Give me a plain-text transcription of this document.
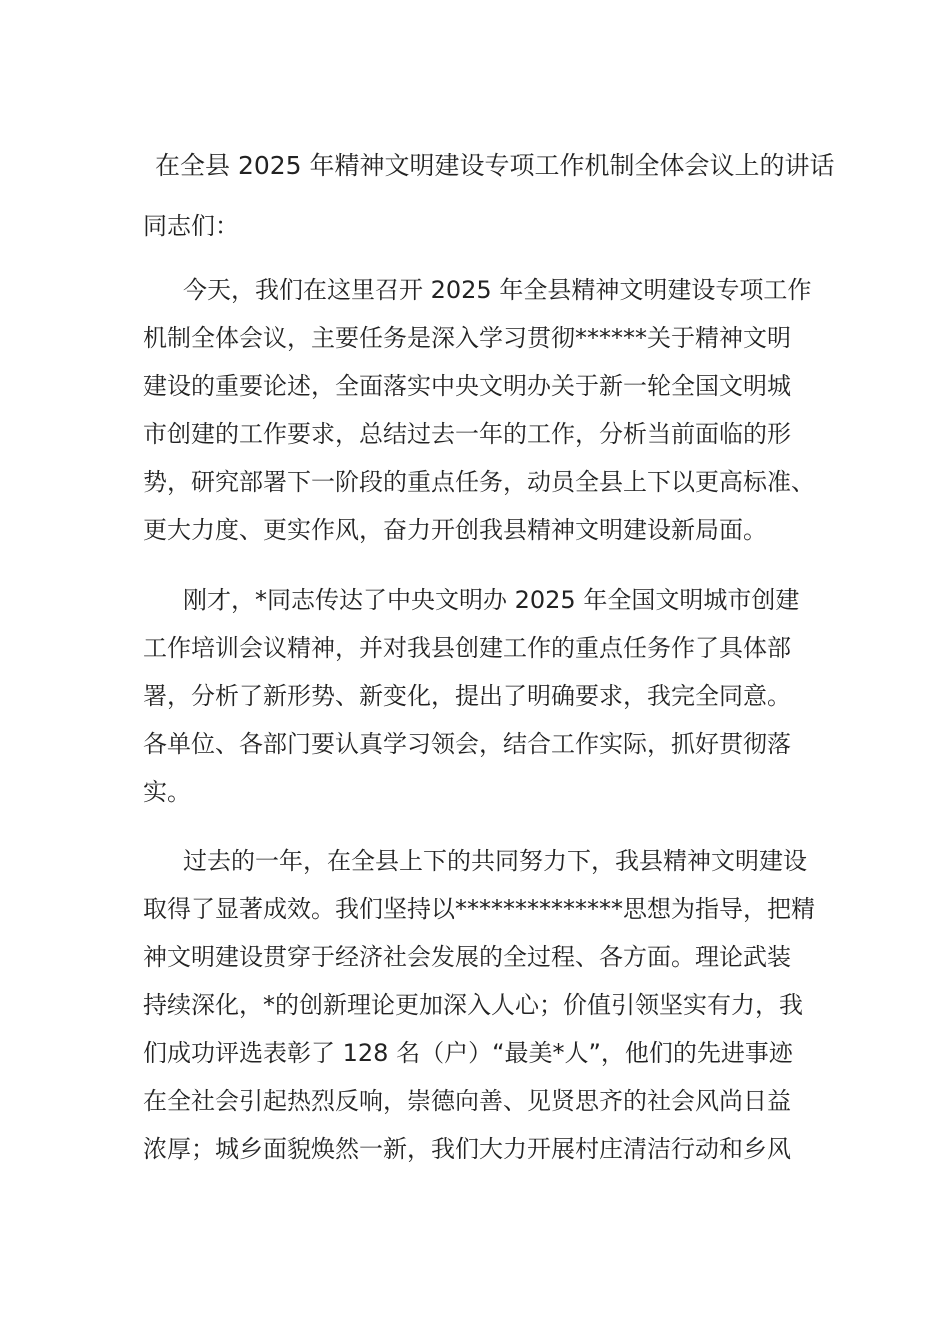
在全县 2025 年精神文明建设专项工作机制全体会议上的讲话
同志们：
今天，我们在这里召开 2025 年全县精神文明建设专项工作
机制全体会议，主要任务是深入学习贯彻******关于精神文明
建设的重要论述，全面落实中央文明办关于新一轮全国文明城
市创建的工作要求，总结过去一年的工作，分析当前面临的形
势，研究部署下一阶段的重点任务，动员全县上下以更高标准、
更大力度、更实作风，奋力开创我县精神文明建设新局面。
刚才，*同志传达了中央文明办 2025 年全国文明城市创建
工作培训会议精神，并对我县创建工作的重点任务作了具体部
署，分析了新形势、新变化，提出了明确要求，我完全同意。
各单位、各部门要认真学习领会，结合工作实际，抓好贯彻落
实。
过去的一年，在全县上下的共同努力下，我县精神文明建设
取得了显著成效。我们坚持以**************思想为指导，把精
神文明建设贯穿于经济社会发展的全过程、各方面。理论武装
持续深化，*的创新理论更加深入人心；价值引领坚实有力，我
们成功评选表彰了 128 名（户）“最美*人”，他们的先进事迹
在全社会引起热烈反响，崇德向善、见贤思齐的社会风尚日益
浓厚；城乡面貌焕然一新，我们大力开展村庄清洁行动和乡风
